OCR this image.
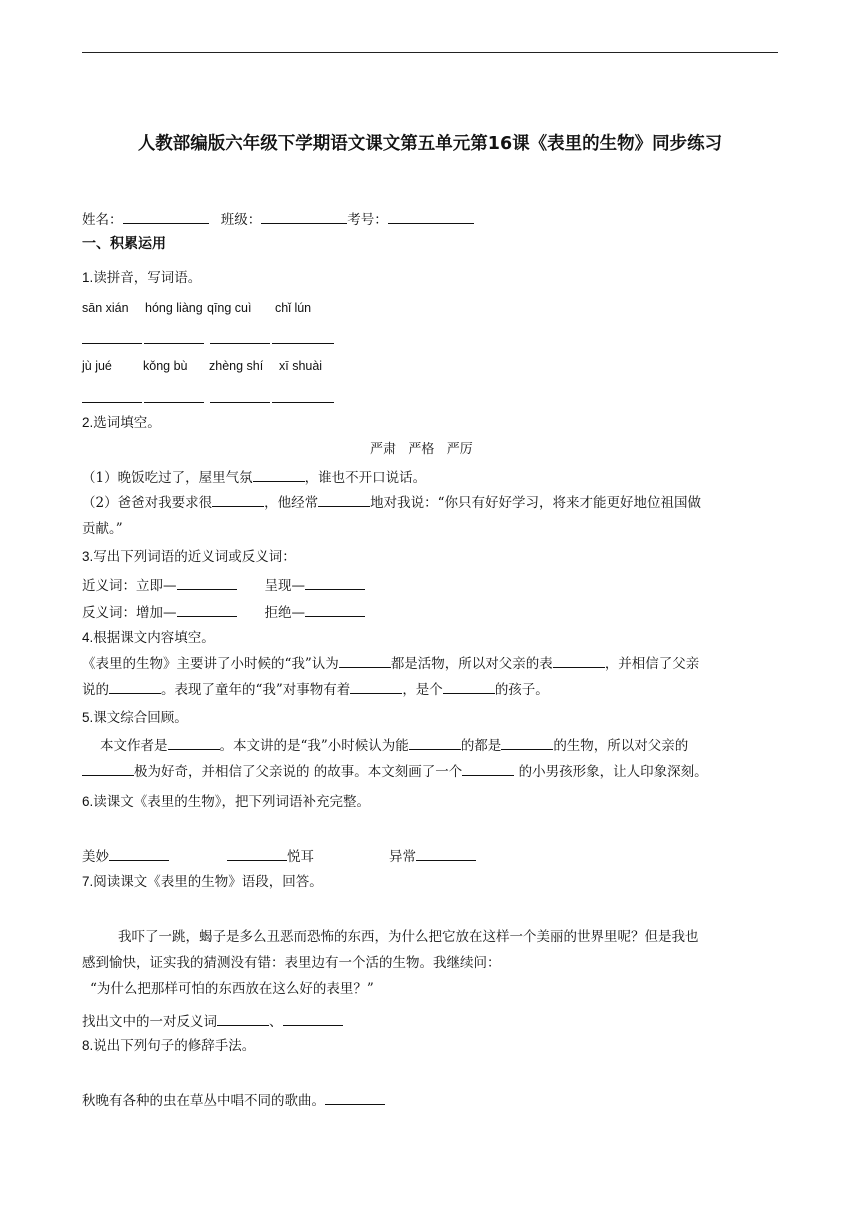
人教部编版六年级下学期语文课文第五单元第16课《表里的生物》同步练习
姓名：	班级：	考号：
一、积累运用
1.读拼音，写词语。
sān xián hóng liàng qīng cuì chǐ lún
jù jué kǒng bù zhèng shí xī shuài
2.选词填空。
严肃   严格   严厉
（1）晚饭吃过了，屋里气氛	，谁也不开口说话。
（2）爸爸对我要求很	，他经常	地对我说：“你只有好好学习，将来才能更好地位祖国做
贡献。”
3.写出下列词语的近义词或反义词：
近义词：立即—	呈现—
反义词：增加—	拒绝—
4.根据课文内容填空。
《表里的生物》主要讲了小时候的“我”认为	都是活物，所以对父亲的表	，并相信了父亲
说的	。表现了童年的“我”对事物有着	，是个	的孩子。
5.课文综合回顾。
本文作者是	。本文讲的是“我”小时候认为能	的都是	的生物，所以对父亲的
极为好奇，并相信了父亲说的 的故事。本文刻画了一个	的小男孩形象，让人印象深刻。
6.读课文《表里的生物》，把下列词语补充完整。
美妙	悦耳	异常
7.阅读课文《表里的生物》语段，回答。
我吓了一跳，蝎子是多么丑恶而恐怖的东西，为什么把它放在这样一个美丽的世界里呢？但是我也
感到愉快，证实我的猜测没有错：表里边有一个活的生物。我继续问：
“为什么把那样可怕的东西放在这么好的表里？”
找出文中的一对反义词	、
8.说出下列句子的修辞手法。
秋晚有各种的虫在草丛中唱不同的歌曲。
